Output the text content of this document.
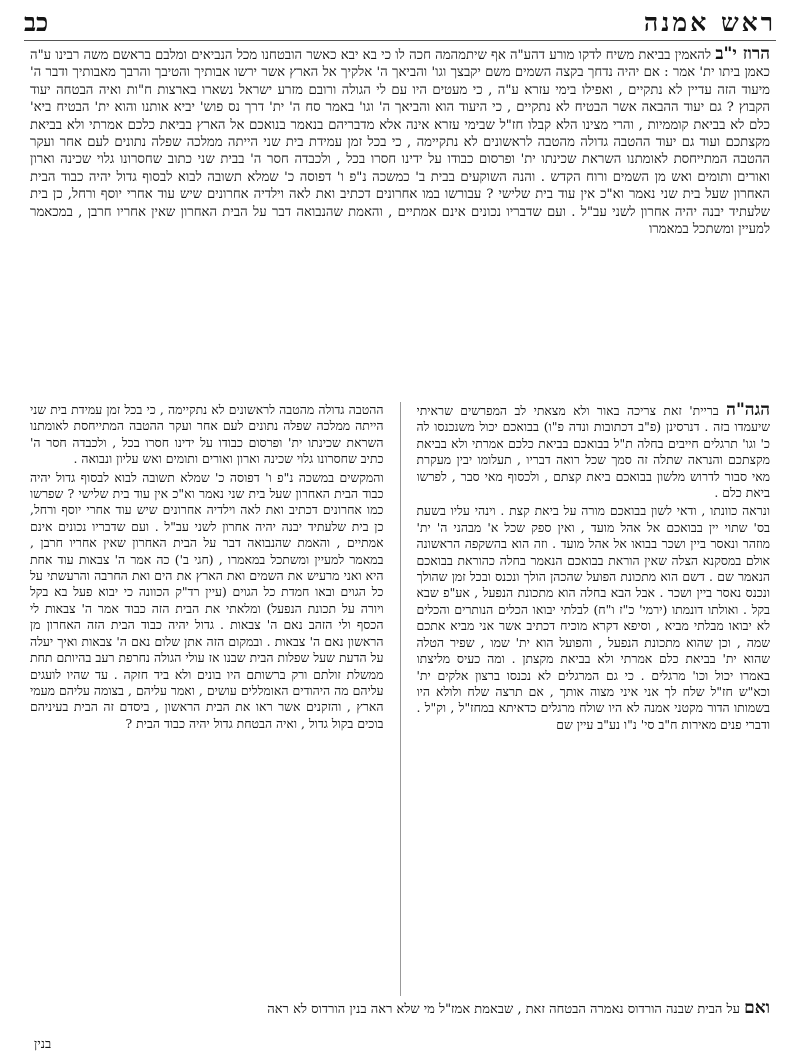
ראש אמנה
כב
הרוז י"ב להאמין בביאת משיח לדקו מורע דהע"ה אף שיתמהמה חכה לו כי בא יבא כאשר הובטחנו מכל הנביאים ומלבם בראשם משה רבינו ע"ה כאמן ביתו ית' אמר : אם יהיה נדחך בקצה השמים משם יקבצך וגו' והביאך ה' אלקיך אל הארץ אשר ירשו אבותיך והטיבך והרבך מאבותיך ודבר ה' מיעוד הזה עדיין לא נתקיים , ואפילו בימי עזרא ע"ה , כי מעטים היו עם לי הגולה ורובם מזרע ישראל נשארו בארצות ח"ות ואיה הבטחה יעוד הקבוץ ? גם יעוד ההבאה אשר הבטיח לא נתקיים , כי היעוד הוא והביאך ה' וגו' באמר סח ה' ית' דרך נס פוש' יביא אותנו והוא ית' הבטיח ביא' כלם לא בביאת קוממיות , והרי מצינו הלא קבלו חז"ל שבימי עזרא אינה אלא מדבריהם בנאמר בנואכם אל הארץ בביאת כלכם אמרתי ולא בביאת מקצתכם ועוד גם יעוד ההטבה גדולה מהטבה לראשונים לא נתקיימה , כי בכל זמן עמידת בית שני הייתה ממלכה שפלה נתונים לעם אחר ועקר ההטבה המתייחסת לאומתנו השראת שכינתו ית' ופרסום כבודו על ידינו חסרו בכל , ולכבדה חסר ה' בבית שני כתוב שחסרונו גלוי שכינה וארון ואורים ותומים ואש מן השמים ורוח הקדש . והנה השוקעים בבית ב' כמשכה נ"פ ו' דפוסה כ' שמלא תשובה לבוא לבסוף גדול יהיה כבוד הבית האחרון שעל בית שני נאמר וא"כ אין עוד בית שלישי ? עבורשו במו אחרונים דכתיב ואת לאה וילדיה אחרונים שיש עוד אחרי יוסף ורחל, כן בית שלעתיד יבנה יהיה אחרון לשני עב"ל . ועם שדבריו נכונים אינם אמתיים , והאמת שהנבואה דבר על הבית האחרון שאין אחריו חרבן , במכאמר למעיין ומשתכל במאמרו

הגה"ה בריית' זאת צריכה באור ולא מצאתי לב המפרשים שראיתי שיעמדו בזה . דנרסינן (פ"ב דכתובות ונדה פ"ו) בבואכם יכול משנכנסו לה כ' וגו' תרגלים חייבים בחלה ת"ל בבואכם בביאת כלכם אמרתי ולא בביאת מקצתכם והנראה שתלה זה סמך שכל רואה דבריו , תעלומו יבין מעקרת מאי סבור לדרוש מלשון בבואכם ביאת קצתם , ולכסוף מאי סבר , לפרשו ביאת כלם .

ונראה כוונתו , ודאי לשון בבואכם מורה על ביאת קצת . וינהי עליו בשעת בס' שתוי יין בבואכם אל אהל מועד , ואין ספק שכל א' מבהני ה' ית' מוזהר ונאסר ביין ושכר בבואו אל אהל מועד . וזה הוא בהשקפה הראשונה אולם במסקנא הצלה שאין הוראת בבואכם הנאמר בחלה כהוראת בבואכם הנאמר שם . דשם הוא מתכונת הפועל שהכהן הולך ונכנס ובכל זמן שהולך ונכנס נאסר ביין ושכר . אבל הבא בחלה הוא מתכונת הנפעל , אע"פ שבא בקל . ואולתו דונמתו (ירמי' כ"ז ו"ח) לבלתי יבואו הכלים הנותרים והכלים לא יבואו מבלתי מביא , וסיפא דקרא מוכיח דכתיב אשר אני מביא אתכם שמה , וכן שהוא מתכונת הנפעל , והפועל הוא ית' שמו , שפיר הטלה שהוא ית' בביאת כלם אמרתי ולא בביאת מקצתן . ומה כעיס מליצתו באמרו יכול וכו' מרגלים . כי גם המרגלים לא נכנסו ברצון אלקים ית' וכא"ש חז"ל שלח לך אני איני מצוה אותך , אם תרצה שלח ולולא היו בשמותו הדור מקטני אמנה לא היו שולח מרגלים כדאיתא במחז"ל , וק"ל . ודברי פנים מאירות ח"ב סי' נ"ו נע"ב עיין שם

ההטבה גדולה מהטבה לראשונים לא נתקיימה , כי בכל זמן עמידת בית שני הייתה ממלכה שפלה נתונים לעם אחר ועקר ההטבה המתייחסת לאומתנו השראת שכינתו ית' ופרסום כבודו על ידינו חסרו בכל , ולכבדה חסר ה' כתיב שחסרונו גלוי שכינה וארון ואורים ותומים ואש עליון ונבואה .

והמקשים במשכה נ"פ ו' דפוסה כ' שמלא תשובה לבוא לבסוף גדול יהיה כבוד הבית האחרון שעל בית שני נאמר וא"כ אין עוד בית שלישי ? שפרשו כמו אחרונים דכתיב ואת לאה וילדיה אחרונים שיש עוד אחרי יוסף ורחל, כן בית שלעתיד יבנה יהיה אחרון לשני עב"ל . ועם שדבריו נכונים אינם אמתיים , והאמת שהנבואה דבר על הבית האחרון שאין אחריו חרבן , במאמר למעיין ומשתכל במאמרו , (חגי ב') כה אמר ה' צבאות עוד אחת היא ואני מרעיש את השמים ואת הארץ את הים ואת החרבה והרעשתי על כל הגוים ובאו חמדת כל הגוים (עיין רד"ק הכוונה כי יבוא פעל בא בקל ויורה על תכונת הנפעל) ומלאתי את הבית הזה כבוד אמר ה' צבאות לי הכסף ולי הזהב נאם ה' צבאות . גדול יהיה כבוד הבית הזה האחרון מן הראשון נאם ה' צבאות . ובמקום הזה אתן שלום נאם ה' צבאות ואיך יעלה על הדעת שעל שפלות הבית שבנו אז עולי הגולה נחרפת רעב בהיותם תחת ממשלת זולתם ורק ברשותם היו בונים ולא ביד חזקה . עד שהיו לועגים עליהם מה היהודים האומללים עושים , ואמר עליהם , בצומה עליהם מעמי הארץ , והזקנים אשר ראו את הבית הראשון , ביסדם זה הבית בעיניהם בוכים בקול גדול , ואיה הבטחת גדול יהיה כבוד הבית ?

ואם על הבית שבנה הורדוס נאמרה הבטחה זאת , שבאמת אמז"ל מי שלא ראה בנין הורדוס לא ראה
בנין
